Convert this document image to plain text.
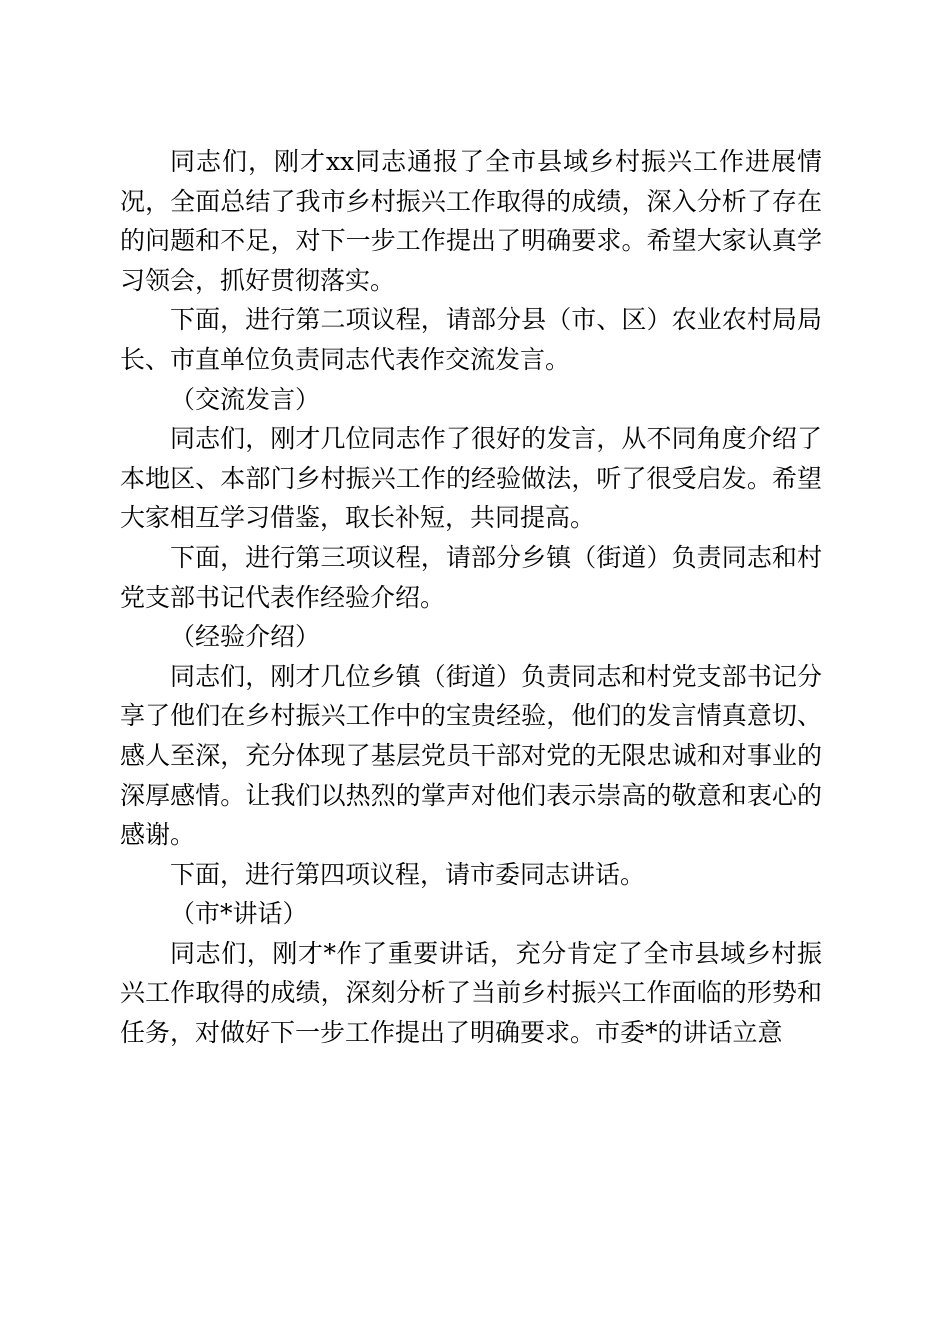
同志们，刚才xx同志通报了全市县域乡村振兴工作进展情况，全面总结了我市乡村振兴工作取得的成绩，深入分析了存在的问题和不足，对下一步工作提出了明确要求。希望大家认真学习领会，抓好贯彻落实。

下面，进行第二项议程，请部分县（市、区）农业农村局局长、市直单位负责同志代表作交流发言。

（交流发言）

同志们，刚才几位同志作了很好的发言，从不同角度介绍了本地区、本部门乡村振兴工作的经验做法，听了很受启发。希望大家相互学习借鉴，取长补短，共同提高。

下面，进行第三项议程，请部分乡镇（街道）负责同志和村党支部书记代表作经验介绍。

（经验介绍）

同志们，刚才几位乡镇（街道）负责同志和村党支部书记分享了他们在乡村振兴工作中的宝贵经验，他们的发言情真意切、感人至深，充分体现了基层党员干部对党的无限忠诚和对事业的深厚感情。让我们以热烈的掌声对他们表示崇高的敬意和衷心的感谢。

下面，进行第四项议程，请市委同志讲话。

（市*讲话）

同志们，刚才*作了重要讲话，充分肯定了全市县域乡村振兴工作取得的成绩，深刻分析了当前乡村振兴工作面临的形势和任务，对做好下一步工作提出了明确要求。市委*的讲话立意
